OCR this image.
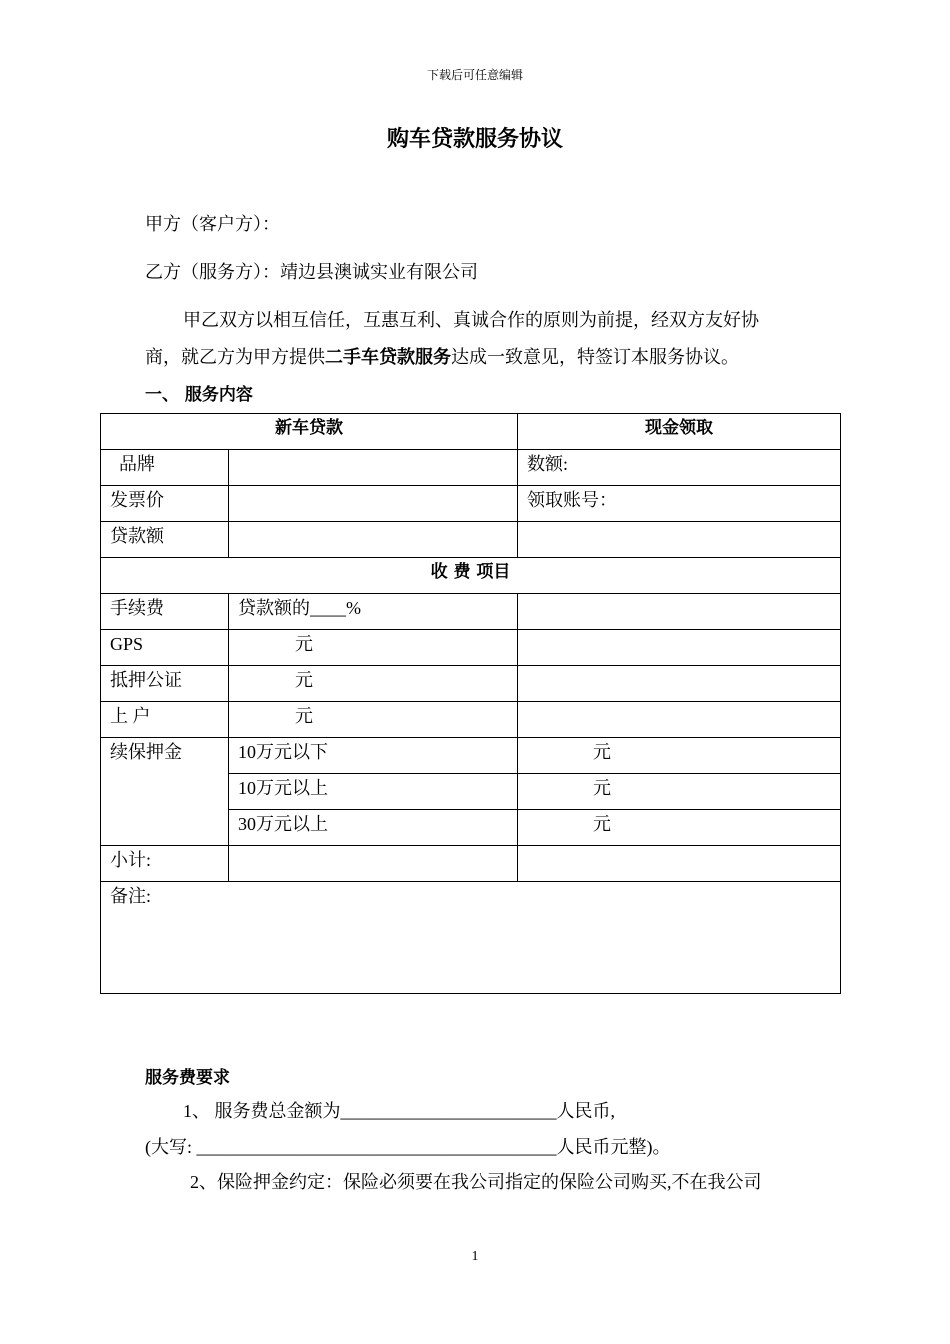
下载后可任意编辑
购车贷款服务协议
甲方（客户方）：
乙方（服务方）：靖边县澳诚实业有限公司
甲乙双方以相互信任，互惠互利、真诚合作的原则为前提，经双方友好协
商，就乙方为甲方提供二手车贷款服务达成一致意见，特签订本服务协议。
一、 服务内容
新车贷款		现金领取
品牌		数额:
发票价		领取账号：
贷款额		
收 费 项目		
手续费	贷款额的____%	
GPS	元	
抵押公证	元	
上 户	元	
续保押金	10万元以下	元
	10万元以上	元
	30万元以上	元
小计:		
备注:		
服务费要求
1、 服务费总金额为________________________人民币,
(大写: ________________________________________人民币元整)。
2、保险押金约定：保险必须要在我公司指定的保险公司购买,不在我公司
1
